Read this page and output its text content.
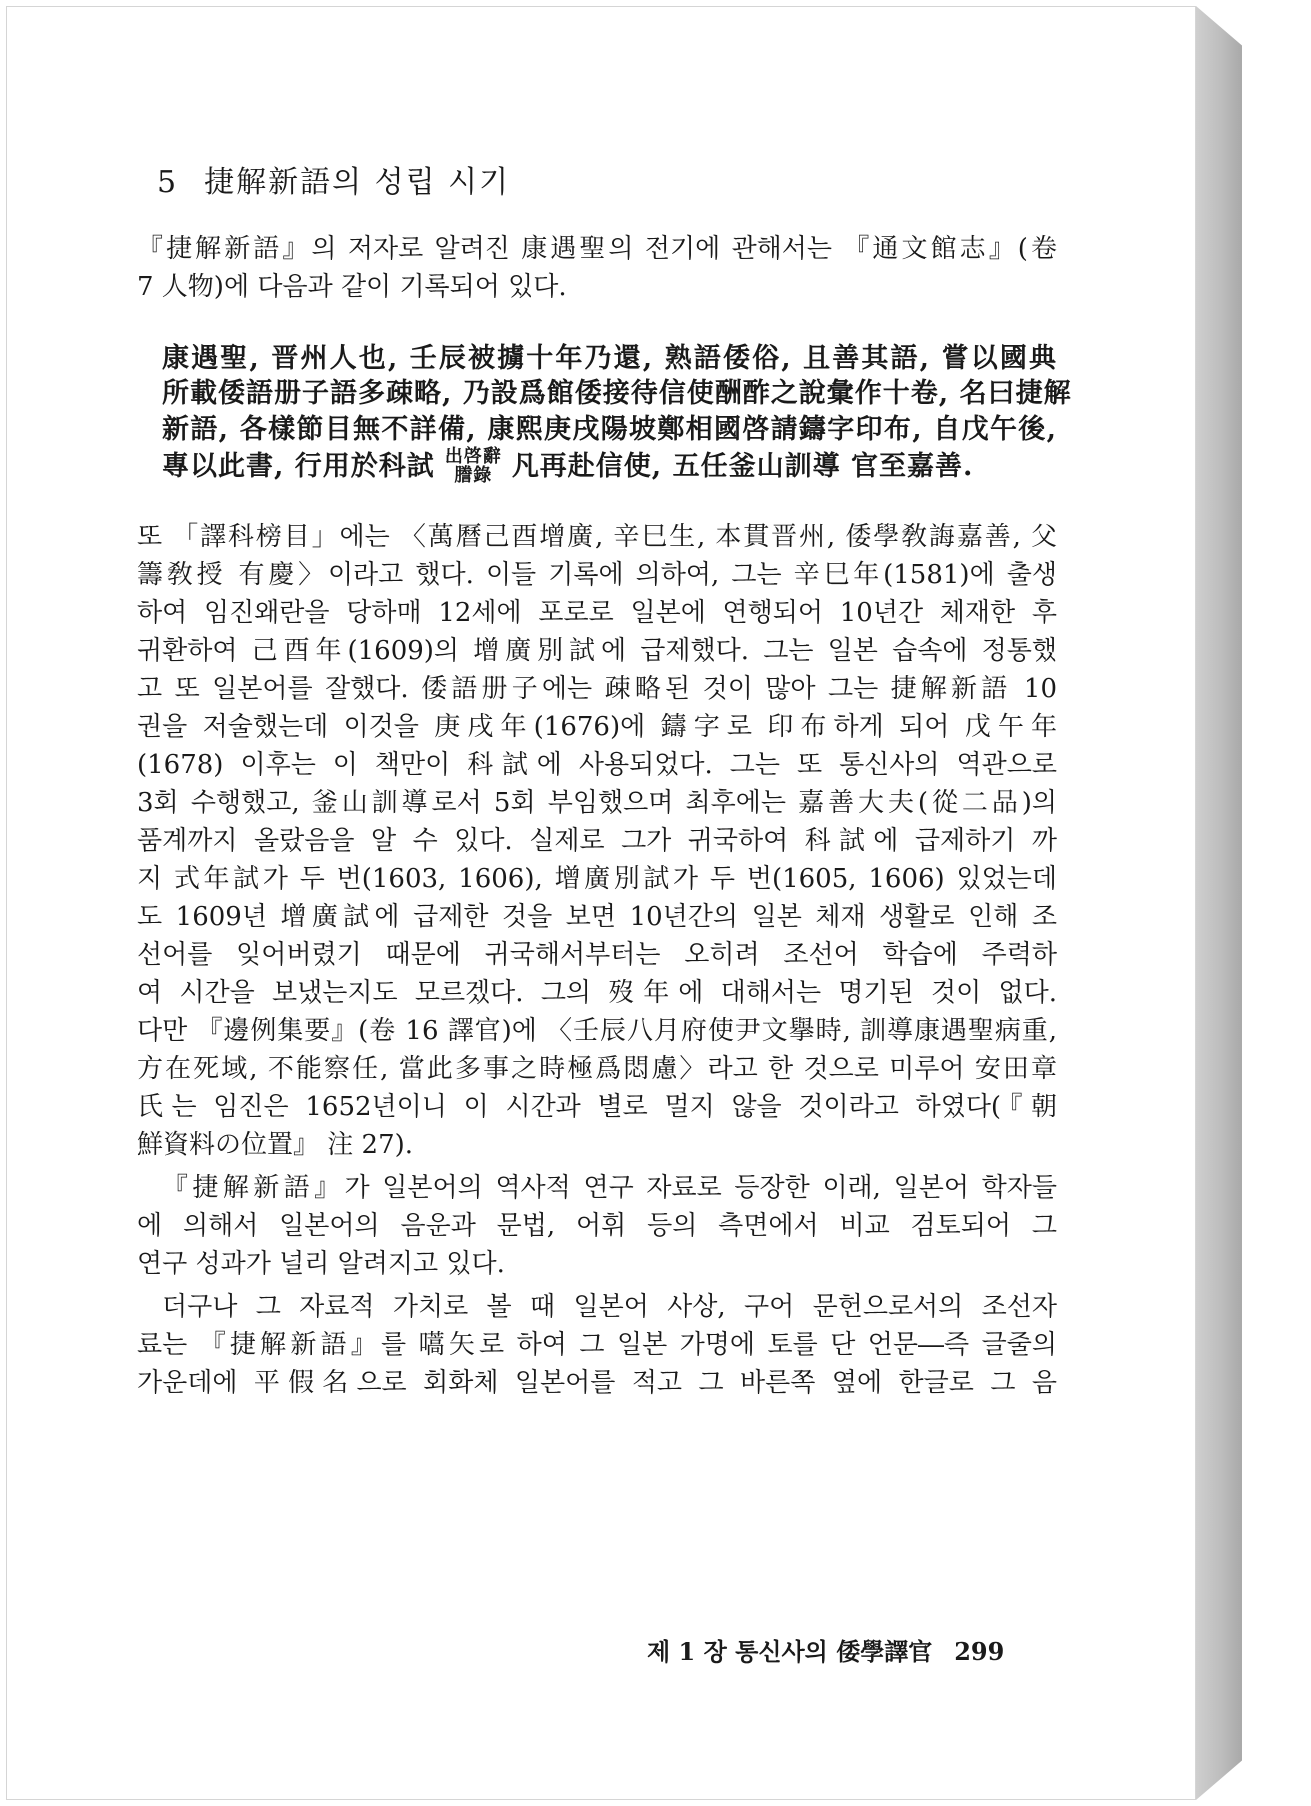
5 捷解新語의 성립 시기
『捷解新語』의 저자로 알려진 康遇聖의 전기에 관해서는 『通文館志』(卷
7 人物)에 다음과 같이 기록되어 있다.
康遇聖, 晋州人也, 壬辰被擄十年乃還, 熟語倭俗, 且善其語, 嘗以國典
所載倭語册子語多疎略, 乃設爲館倭接待信使酬酢之說彙作十卷, 名曰捷解
新語, 各樣節目無不詳備, 康熙庚戌陽坡鄭相國啓請鑄字印布, 自戊午後,
專以此書, 行用於科試 出啓辭
謄錄 凡再赴信使, 五任釜山訓導 官至嘉善.
또 「譯科榜目」에는 〈萬曆己酉增廣, 辛巳生, 本貫晋州, 倭學敎誨嘉善, 父
籌敎授 有慶〉이라고 했다. 이들 기록에 의하여, 그는 辛巳年(1581)에 출생
하여 임진왜란을 당하매 12세에 포로로 일본에 연행되어 10년간 체재한 후
귀환하여 己酉年(1609)의 增廣別試에 급제했다. 그는 일본 습속에 정통했
고 또 일본어를 잘했다. 倭語册子에는 疎略된 것이 많아 그는 捷解新語 10
권을 저술했는데 이것을 庚戌年(1676)에 鑄字로 印布하게 되어 戊午年
(1678) 이후는 이 책만이 科試에 사용되었다. 그는 또 통신사의 역관으로
3회 수행했고, 釜山訓導로서 5회 부임했으며 최후에는 嘉善大夫(從二品)의
품계까지 올랐음을 알 수 있다. 실제로 그가 귀국하여 科試에 급제하기 까
지 式年試가 두 번(1603, 1606), 增廣別試가 두 번(1605, 1606) 있었는데
도 1609년 增廣試에 급제한 것을 보면 10년간의 일본 체재 생활로 인해 조
선어를 잊어버렸기 때문에 귀국해서부터는 오히려 조선어 학습에 주력하
여 시간을 보냈는지도 모르겠다. 그의 歿年에 대해서는 명기된 것이 없다.
다만 『邊例集要』(卷 16 譯官)에 〈壬辰八月府使尹文擧時, 訓導康遇聖病重,
方在死域, 不能察任, 當此多事之時極爲悶慮〉라고 한 것으로 미루어 安田章
氏는 임진은 1652년이니 이 시간과 별로 멀지 않을 것이라고 하였다(『朝
鮮資料の位置』 注 27).
『捷解新語』가 일본어의 역사적 연구 자료로 등장한 이래, 일본어 학자들
에 의해서 일본어의 음운과 문법, 어휘 등의 측면에서 비교 검토되어 그
연구 성과가 널리 알려지고 있다.
더구나 그 자료적 가치로 볼 때 일본어 사상, 구어 문헌으로서의 조선자
료는 『捷解新語』를 嚆矢로 하여 그 일본 가명에 토를 단 언문―즉 글줄의
가운데에 平假名으로 회화체 일본어를 적고 그 바른쪽 옆에 한글로 그 음
제 1 장 통신사의 倭學譯官 299
